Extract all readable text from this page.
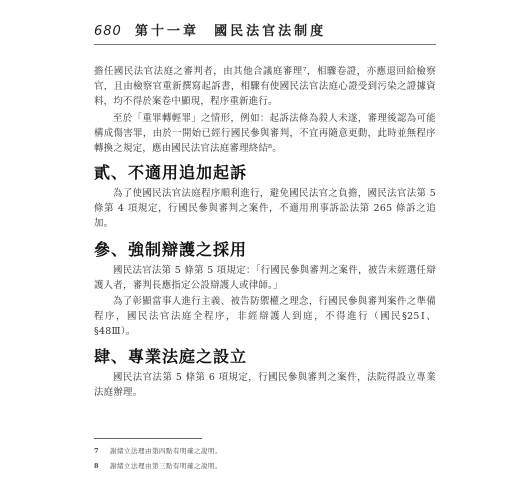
680 第十一章 國民法官法制度
擔任國民法官法庭之審判者，由其他合議庭審理⁷，相驟卷證，亦應退回給檢察官，且由檢察官重新撰寫起訴書，相驟有使國民法官法庭心證受到污染之證據資料，均不得於案卷中顯現，程序重新進行。
至於「重罪轉輕罪」之情形，例如：起訴法條為殺人未遂，審理後認為可能構成傷害罪，由於一開始已經行國民參與審判，不宜再隨意更動，此時並無程序轉換之規定，應由國民法官法庭審理終結⁸。
貳、不適用追加起訴
為了使國民法官法庭程序順利進行，避免國民法官之負擔，國民法官法第 5 條第 4 項規定，行國民參與審判之案件，不適用刑事訴訟法第 265 條訴之追加。
參、強制辯護之採用
國民法官法第 5 條第 5 項規定：「行國民參與審判之案件，被告未經選任辯護人者，審判長應指定公設辯護人或律師。」
為了彰顯當事人進行主義、被告防禦權之理念，行國民參與審判案件之準備程序，國民法官法庭全程序，非經辯護人到庭，不得進行（國民§25Ⅰ、§48Ⅲ）。
肆、專業法庭之設立
國民法官法第 5 條第 6 項規定，行國民參與審判之案件，法院得設立專業法庭辦理。
7 謝緒立法理由第四點有明確之說明。
8 謝緒立法理由第三點有明確之說明。
